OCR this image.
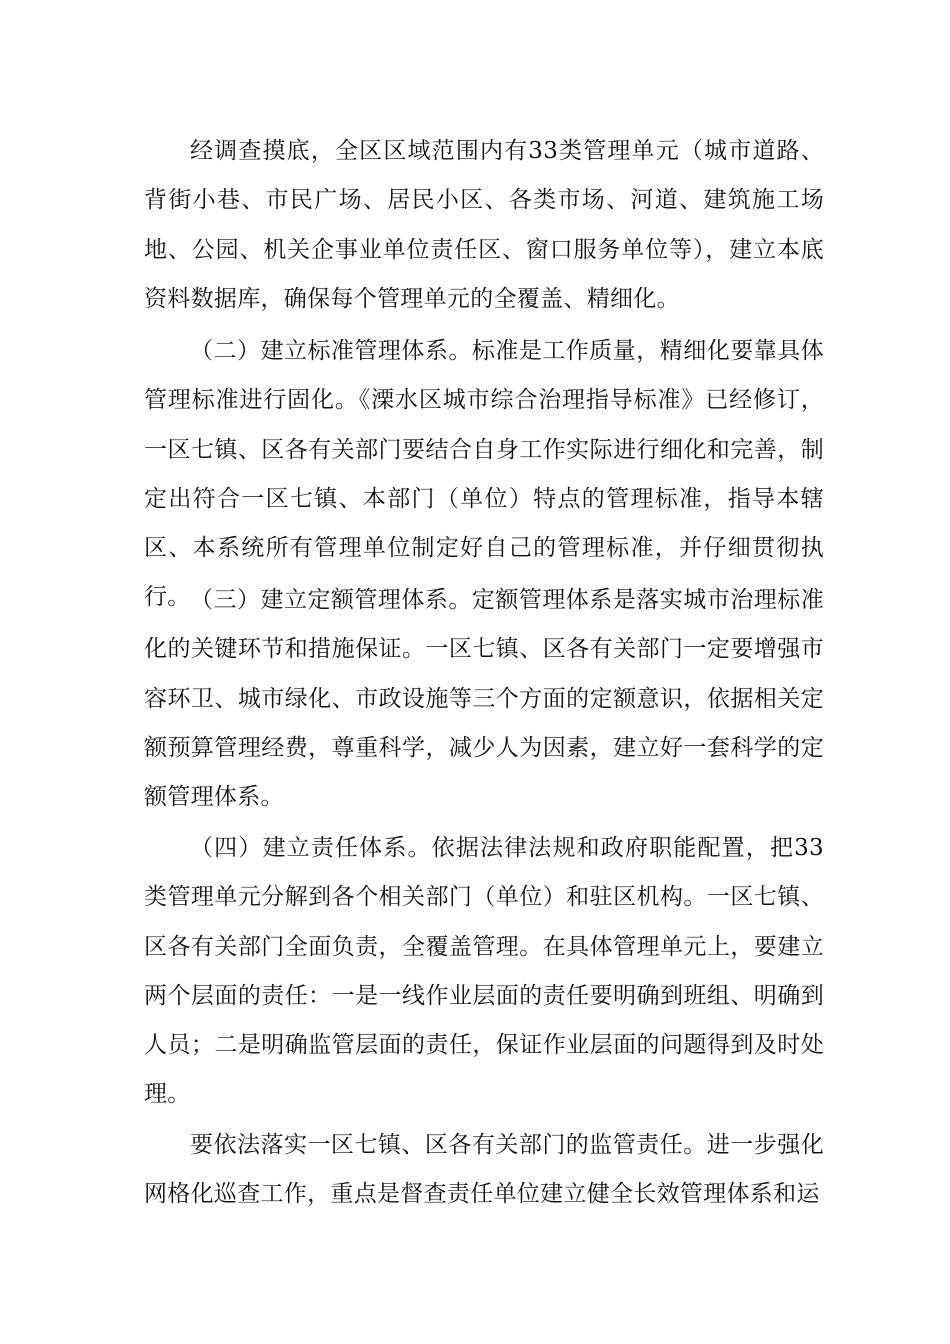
经调查摸底，全区区域范围内有33类管理单元（城市道路、背街小巷、市民广场、居民小区、各类市场、河道、建筑施工场地、公园、机关企事业单位责任区、窗口服务单位等），建立本底资料数据库，确保每个管理单元的全覆盖、精细化。

（二）建立标准管理体系。标准是工作质量，精细化要靠具体管理标准进行固化。《溧水区城市综合治理指导标准》已经修订，一区七镇、区各有关部门要结合自身工作实际进行细化和完善，制定出符合一区七镇、本部门（单位）特点的管理标准，指导本辖区、本系统所有管理单位制定好自己的管理标准，并仔细贯彻执行。 （三）建立定额管理体系。定额管理体系是落实城市治理标准化的关键环节和措施保证。一区七镇、区各有关部门一定要增强市容环卫、城市绿化、市政设施等三个方面的定额意识，依据相关定额预算管理经费，尊重科学，减少人为因素，建立好一套科学的定额管理体系。

（四）建立责任体系。依据法律法规和政府职能配置，把33类管理单元分解到各个相关部门（单位）和驻区机构。一区七镇、区各有关部门全面负责，全覆盖管理。在具体管理单元上，要建立两个层面的责任：一是一线作业层面的责任要明确到班组、明确到人员；二是明确监管层面的责任，保证作业层面的问题得到及时处理。

要依法落实一区七镇、区各有关部门的监管责任。进一步强化网格化巡查工作，重点是督查责任单位建立健全长效管理体系和运
